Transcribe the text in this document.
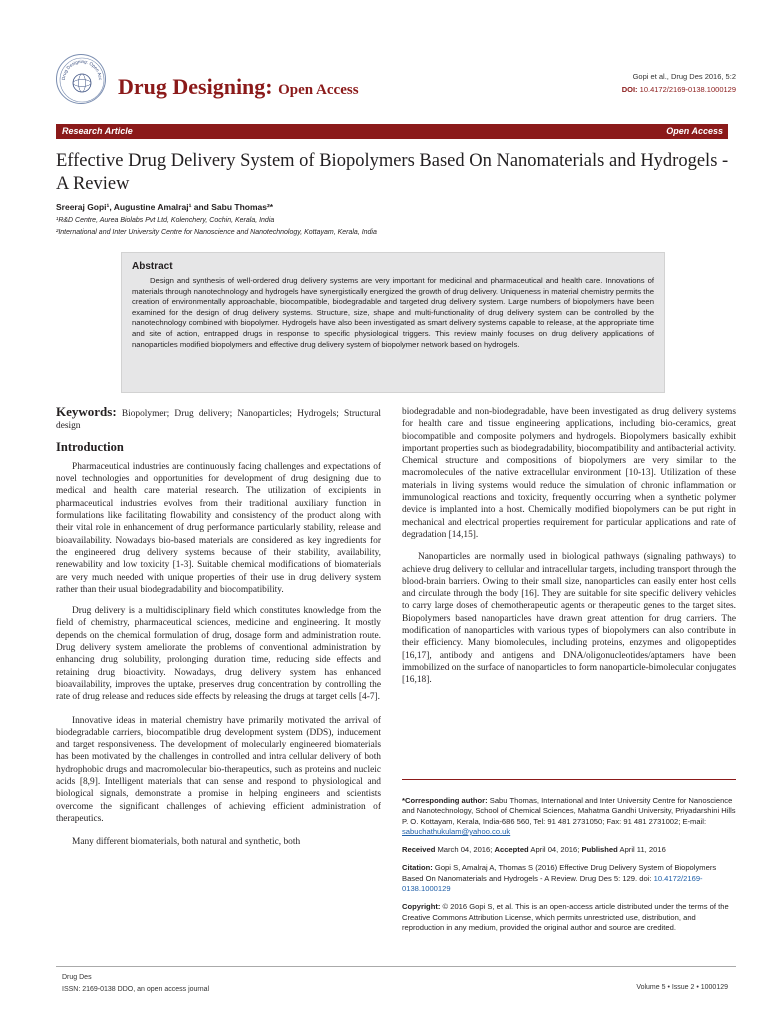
Drug Designing: Open Acc Drug Designing: Open Access
Gopi et al., Drug Des 2016, 5:2
DOI: 10.4172/2169-0138.1000129
Research Article	Open Access
Effective Drug Delivery System of Biopolymers Based On Nanomaterials and Hydrogels - A Review
Sreeraj Gopi¹, Augustine Amalraj¹ and Sabu Thomas²*
¹R&D Centre, Aurea Biolabs Pvt Ltd, Kolenchery, Cochin, Kerala, India
²International and Inter University Centre for Nanoscience and Nanotechnology, Kottayam, Kerala, India
Abstract

Design and synthesis of well-ordered drug delivery systems are very important for medicinal and pharmaceutical and health care. Innovations of materials through nanotechnology and hydrogels have synergistically energized the growth of drug delivery. Uniqueness in material chemistry permits the creation of environmentally approachable, biocompatible, biodegradable and targeted drug delivery system. Large numbers of biopolymers have been examined for the design of drug delivery systems. Structure, size, shape and multi-functionality of drug delivery system can be controlled by the nanotechnology combined with biopolymer. Hydrogels have also been investigated as smart delivery systems capable to release, at the appropriate time and site of action, entrapped drugs in response to specific physiological triggers. This review mainly focuses on drug delivery applications of nanoparticles modified biopolymers and effective drug delivery system of biopolymer network based on hydrogels.

Keywords: Biopolymer; Drug delivery; Nanoparticles; Hydrogels; Structural design

Introduction

Pharmaceutical industries are continuously facing challenges and expectations of novel technologies and opportunities for development of drug designing due to medical and health care material research. The utilization of excipients in pharmaceutical industries evolves from their traditional auxiliary function in formulations like facilitating flowability and consistency of the product along with their vital role in enhancement of drug performance particularly stability, release and bioavailability. Nowadays bio-based materials are considered as key ingredients for the engineered drug delivery systems because of their stability, availability, renewability and low toxicity [1-3]. Suitable chemical modifications of biomaterials are very much needed with unique properties of their use in drug delivery system rather than their usual biodegradability and biocompatibility.

Drug delivery is a multidisciplinary field which constitutes knowledge from the field of chemistry, pharmaceutical sciences, medicine and engineering. It mostly depends on the chemical formulation of drug, dosage form and administration route. Drug delivery system ameliorate the problems of conventional administration by enhancing drug solubility, prolonging duration time, reducing side effects and retaining drug bioactivity. Nowadays, drug delivery system has enhanced bioavailability, improves the uptake, preserves drug concentration by controlling the rate of drug release and reduces side effects by releasing the drugs at target cells [4-7].

Innovative ideas in material chemistry have primarily motivated the arrival of biodegradable carriers, biocompatible drug development system (DDS), inducement and target responsiveness. The development of molecularly engineered biomaterials has been motivated by the challenges in controlled and intra cellular delivery of both hydrophobic drugs and macromolecular bio-therapeutics, such as proteins and nucleic acids [8,9]. Intelligent materials that can sense and respond to physiological and biological signals, demonstrate a promise in helping engineers and scientists overcome the significant challenges of achieving efficient administration of therapeutics.

Many different biomaterials, both natural and synthetic, both

biodegradable and non-biodegradable, have been investigated as drug delivery systems for health care and tissue engineering applications, including bio-ceramics, great biocompatible and composite polymers and hydrogels. Biopolymers basically exhibit important properties such as biodegradability, biocompatibility and antibacterial activity. Chemical structure and compositions of biopolymers are very similar to the macromolecules of the native extracellular environment [10-13]. Utilization of these materials in living systems would reduce the simulation of chronic inflammation or immunological reactions and toxicity, frequently occurring when a synthetic polymer device is implanted into a host. Chemically modified biopolymers can be put right in mechanical and electrical properties requirement for particular applications and rate of degradation [14,15].

Nanoparticles are normally used in biological pathways (signaling pathways) to achieve drug delivery to cellular and intracellular targets, including transport through the blood-brain barriers. Owing to their small size, nanoparticles can easily enter host cells and circulate through the body [16]. They are suitable for site specific delivery vehicles to carry large doses of chemotherapeutic agents or therapeutic genes to the target sites. Biopolymers based nanoparticles have drawn great attention for drug carriers. The modification of nanoparticles with various types of biopolymers can also contribute in their efficiency. Many biomolecules, including proteins, enzymes and oligopeptides [16,17], antibody and antigens and DNA/oligonucleotides/aptamers have been immobilized on the surface of nanoparticles to form nanoparticle-bimolecular conjugates [16,18].

*Corresponding author: Sabu Thomas, International and Inter University Centre for Nanoscience and Nanotechnology, School of Chemical Sciences, Mahatma Gandhi University, Priyadarshini Hills P. O. Kottayam, Kerala, India-686 560, Tel: 91 481 2731050; Fax: 91 481 2731002; E-mail: sabuchathukulam@yahoo.co.uk

Received March 04, 2016; Accepted April 04, 2016; Published April 11, 2016

Citation: Gopi S, Amalraj A, Thomas S (2016) Effective Drug Delivery System of Biopolymers Based On Nanomaterials and Hydrogels - A Review. Drug Des 5: 129. doi: 10.4172/2169-0138.1000129

Copyright: © 2016 Gopi S, et al. This is an open-access article distributed under the terms of the Creative Commons Attribution License, which permits unrestricted use, distribution, and reproduction in any medium, provided the original author and source are credited.

Drug Des
ISSN: 2169-0138 DDO, an open access journal	Volume 5 • Issue 2 • 1000129
